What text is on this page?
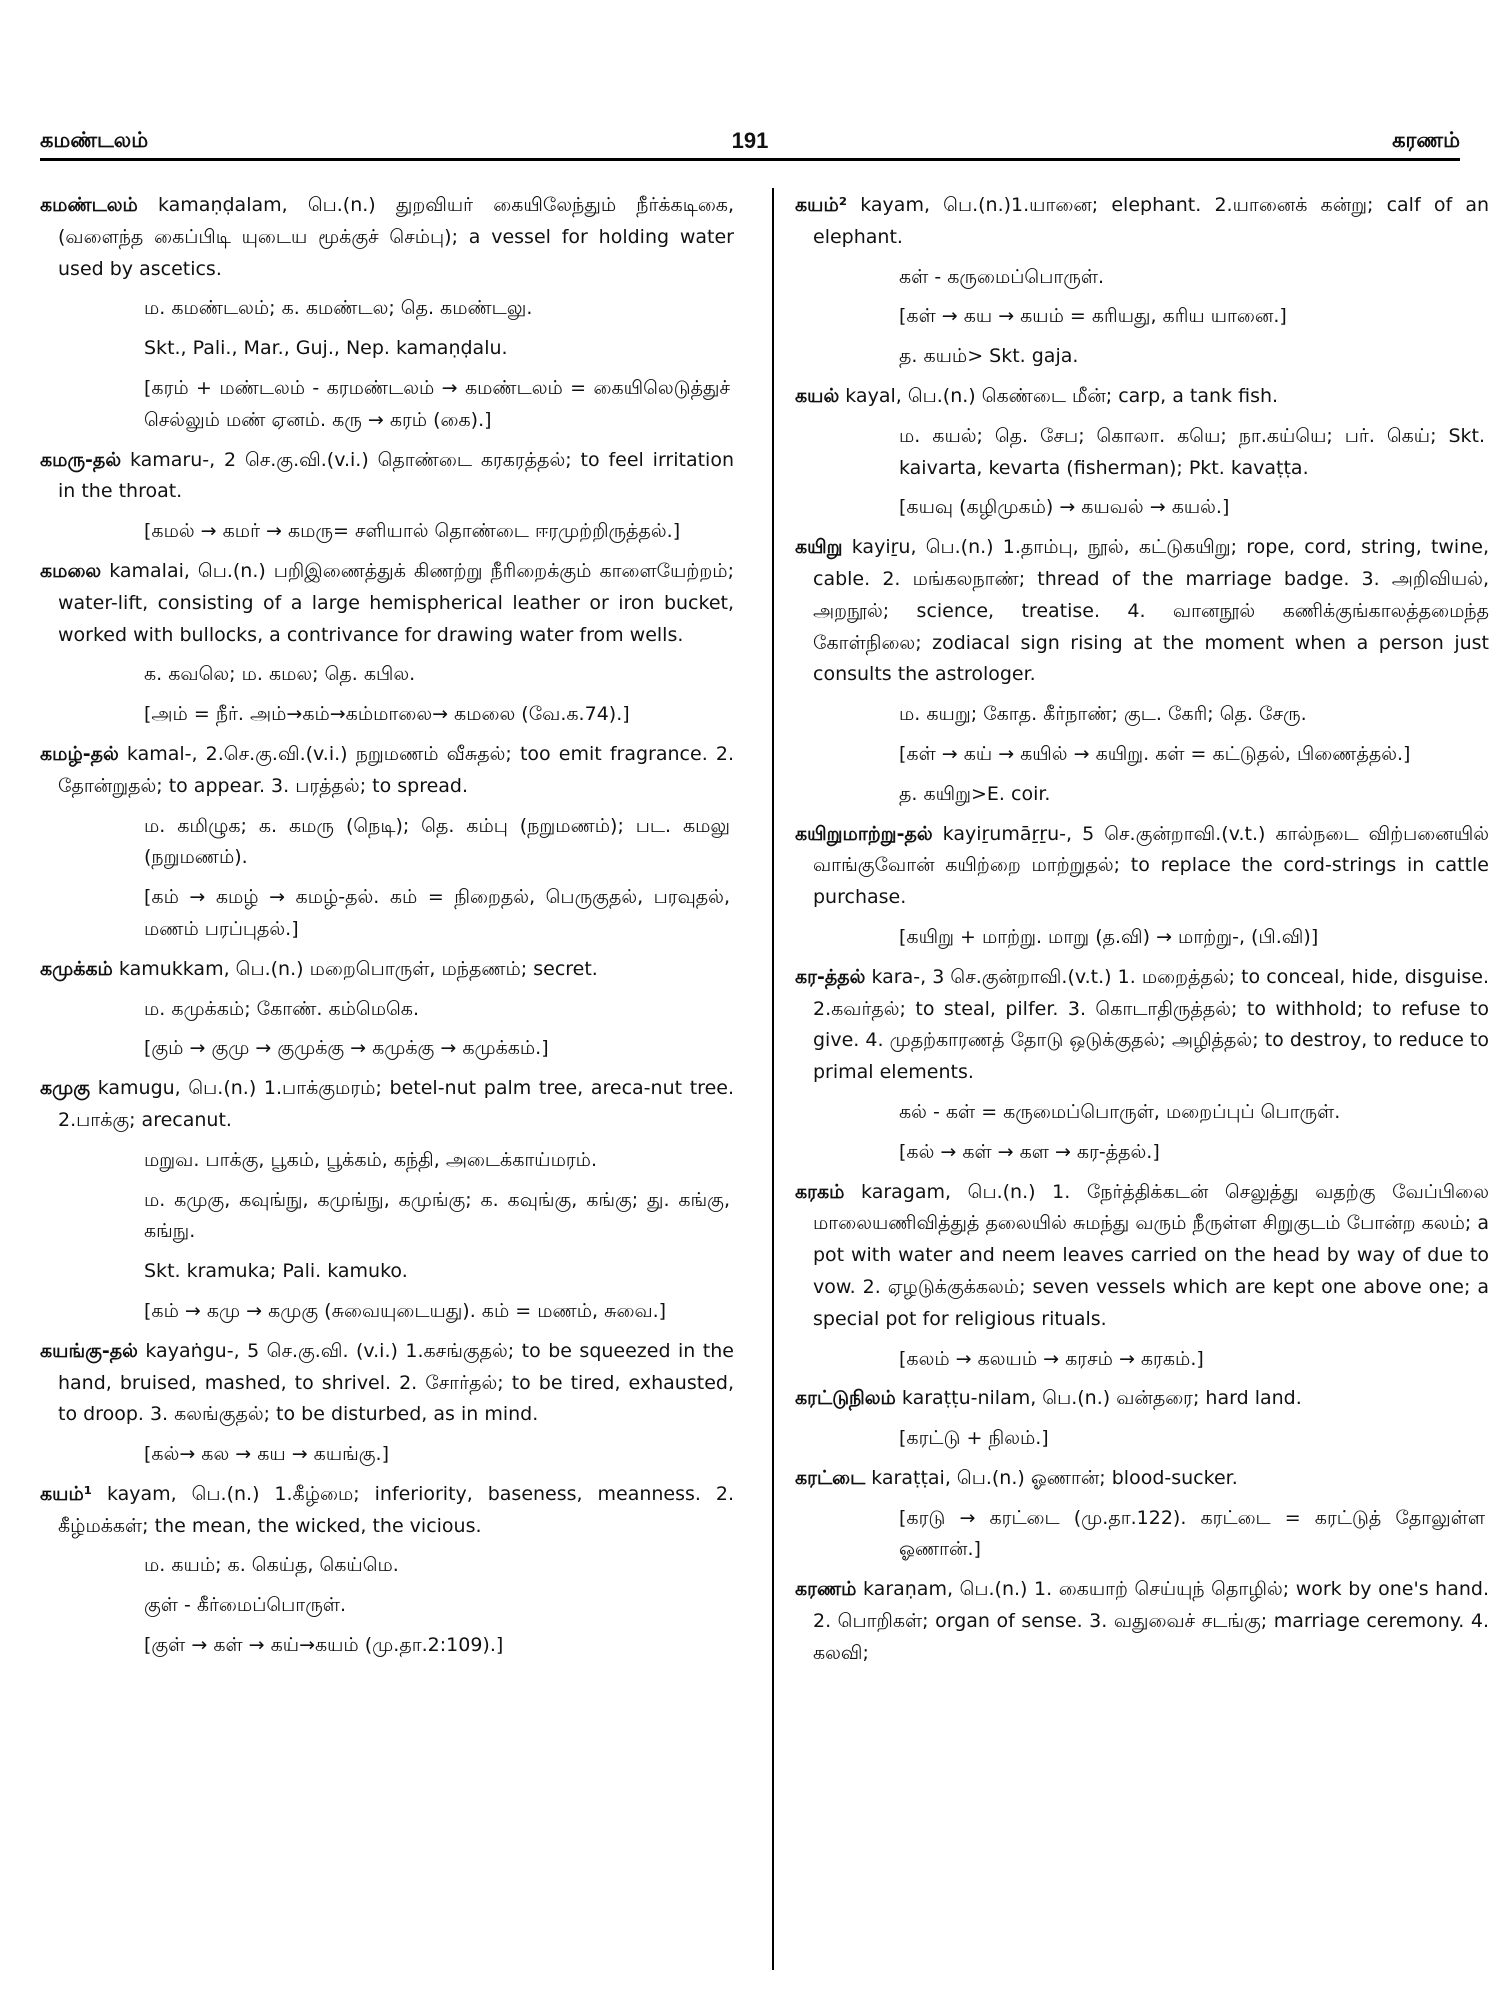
கமண்டலம்	191	கரணம்
கமண்டலம் kamaṇḍalam, பெ.(n.) துறவியர் கையிலேந்தும் நீர்க்கடிகை, (வளைந்த கைப்பிடி யுடைய மூக்குச் செம்பு); a vessel for holding water used by ascetics.
ம. கமண்டலம்; க. கமண்டல; தெ. கமண்டலு.
Skt., Pali., Mar., Guj., Nep. kamaṇḍalu.
[கரம் + மண்டலம் - கரமண்டலம் → கமண்டலம் = கையிலெடுத்துச் செல்லும் மண் ஏனம். கரு → கரம் (கை).]
கமரு-தல் kamaru-, 2 செ.கு.வி.(v.i.) தொண்டை கரகரத்தல்; to feel irritation in the throat.
[கமல் → கமர் → கமரு= சளியால் தொண்டை ஈரமுற்றிருத்தல்.]
கமலை kamalai, பெ.(n.) பறிஇணைத்துக் கிணற்று நீரிறைக்கும் காளையேற்றம்; water-lift, consisting of a large hemispherical leather or iron bucket, worked with bullocks, a contrivance for drawing water from wells.
க. கவலெ; ம. கமல; தெ. கபில.
[அம் = நீர். அம்→கம்→கம்மாலை→ கமலை (வே.க.74).]
கமழ்-தல் kamal-, 2.செ.கு.வி.(v.i.) நறுமணம் வீசுதல்; too emit fragrance. 2. தோன்றுதல்; to appear. 3. பரத்தல்; to spread.
ம. கமிழுக; க. கமரு (நெடி); தெ. கம்பு (நறுமணம்); பட. கமலு (நறுமணம்).
[கம் → கமழ் → கமழ்-தல். கம் = நிறைதல், பெருகுதல், பரவுதல், மணம் பரப்புதல்.]
கமுக்கம் kamukkam, பெ.(n.) மறைபொருள், மந்தணம்; secret.
ம. கமுக்கம்; கோண். கம்மெகெ.
[கும் → குமு → குமுக்கு → கமுக்கு → கமுக்கம்.]
கமுகு kamugu, பெ.(n.) 1.பாக்குமரம்; betel-nut palm tree, areca-nut tree. 2.பாக்கு; arecanut.
மறுவ. பாக்கு, பூகம், பூக்கம், கந்தி, அடைக்காய்மரம்.
ம. கமுகு, கவுங்நு, கமுங்நு, கமுங்கு; க. கவுங்கு, கங்கு; து. கங்கு, கங்நு.
Skt. kramuka; Pali. kamuko.
[கம் → கமு → கமுகு (சுவையுடையது). கம் = மணம், சுவை.]
கயங்கு-தல் kayaṅgu-, 5 செ.கு.வி. (v.i.) 1.கசங்குதல்; to be squeezed in the hand, bruised, mashed, to shrivel. 2. சோர்தல்; to be tired, exhausted, to droop. 3. கலங்குதல்; to be disturbed, as in mind.
[கல்→ கல → கய → கயங்கு.]
கயம்¹ kayam, பெ.(n.) 1.கீழ்மை; inferiority, baseness, meanness. 2. கீழ்மக்கள்; the mean, the wicked, the vicious.
ம. கயம்; க. கெய்த, கெய்மெ.
குள் - கீர்மைப்பொருள்.
[குள் → கள் → கய்→கயம் (மு.தா.2:109).]
கயம்² kayam, பெ.(n.)1.யானை; elephant. 2.யானைக் கன்று; calf of an elephant.
கள் - கருமைப்பொருள்.
[கள் → கய → கயம் = கரியது, கரிய யானை.]
த. கயம்> Skt. gaja.
கயல் kayal, பெ.(n.) கெண்டை மீன்; carp, a tank fish.
ம. கயல்; தெ. சேப; கொலா. கயெ; நா.கய்யெ; பர். கெய்; Skt. kaivarta, kevarta (fisherman); Pkt. kavaṭṭa.
[கயவு (கழிமுகம்) → கயவல் → கயல்.]
கயிறு kayiṟu, பெ.(n.) 1.தாம்பு, நூல், கட்டுகயிறு; rope, cord, string, twine, cable. 2. மங்கலநாண்; thread of the marriage badge. 3. அறிவியல், அறநூல்; science, treatise. 4. வானநூல் கணிக்குங்காலத்தமைந்த கோள்நிலை; zodiacal sign rising at the moment when a person just consults the astrologer.
ம. கயறு; கோத. கீர்நாண்; குட. கேரி; தெ. சேரு.
[கள் → கய் → கயில் → கயிறு. கள் = கட்டுதல், பிணைத்தல்.]
த. கயிறு>E. coir.
கயிறுமாற்று-தல் kayiṟumāṟṟu-, 5 செ.குன்றாவி.(v.t.) கால்நடை விற்பனையில் வாங்குவோன் கயிற்றை மாற்றுதல்; to replace the cord-strings in cattle purchase.
[கயிறு + மாற்று. மாறு (த.வி) → மாற்று-, (பி.வி)]
கர-த்தல் kara-, 3 செ.குன்றாவி.(v.t.) 1. மறைத்தல்; to conceal, hide, disguise. 2.கவர்தல்; to steal, pilfer. 3. கொடாதிருத்தல்; to withhold; to refuse to give. 4. முதற்காரணத் தோடு ஒடுக்குதல்; அழித்தல்; to destroy, to reduce to primal elements.
கல் - கள் = கருமைப்பொருள், மறைப்புப் பொருள்.
[கல் → கள் → கள → கர-த்தல்.]
கரகம் karagam, பெ.(n.) 1. நேர்த்திக்கடன் செலுத்து வதற்கு வேப்பிலை மாலையணிவித்துத் தலையில் சுமந்து வரும் நீருள்ள சிறுகுடம் போன்ற கலம்; a pot with water and neem leaves carried on the head by way of due to vow. 2. ஏழடுக்குக்கலம்; seven vessels which are kept one above one; a special pot for religious rituals.
[கலம் → கலயம் → கரசம் → கரகம்.]
கரட்டுநிலம் karaṭṭu-nilam, பெ.(n.) வன்தரை; hard land.
[கரட்டு + நிலம்.]
கரட்டை karaṭṭai, பெ.(n.) ஓணான்; blood-sucker.
[கரடு → கரட்டை (மு.தா.122). கரட்டை = கரட்டுத் தோலுள்ள ஓணான்.]
கரணம் karaṇam, பெ.(n.) 1. கையாற் செய்யுந் தொழில்; work by one's hand. 2. பொறிகள்; organ of sense. 3. வதுவைச் சடங்கு; marriage ceremony. 4. கலவி;
